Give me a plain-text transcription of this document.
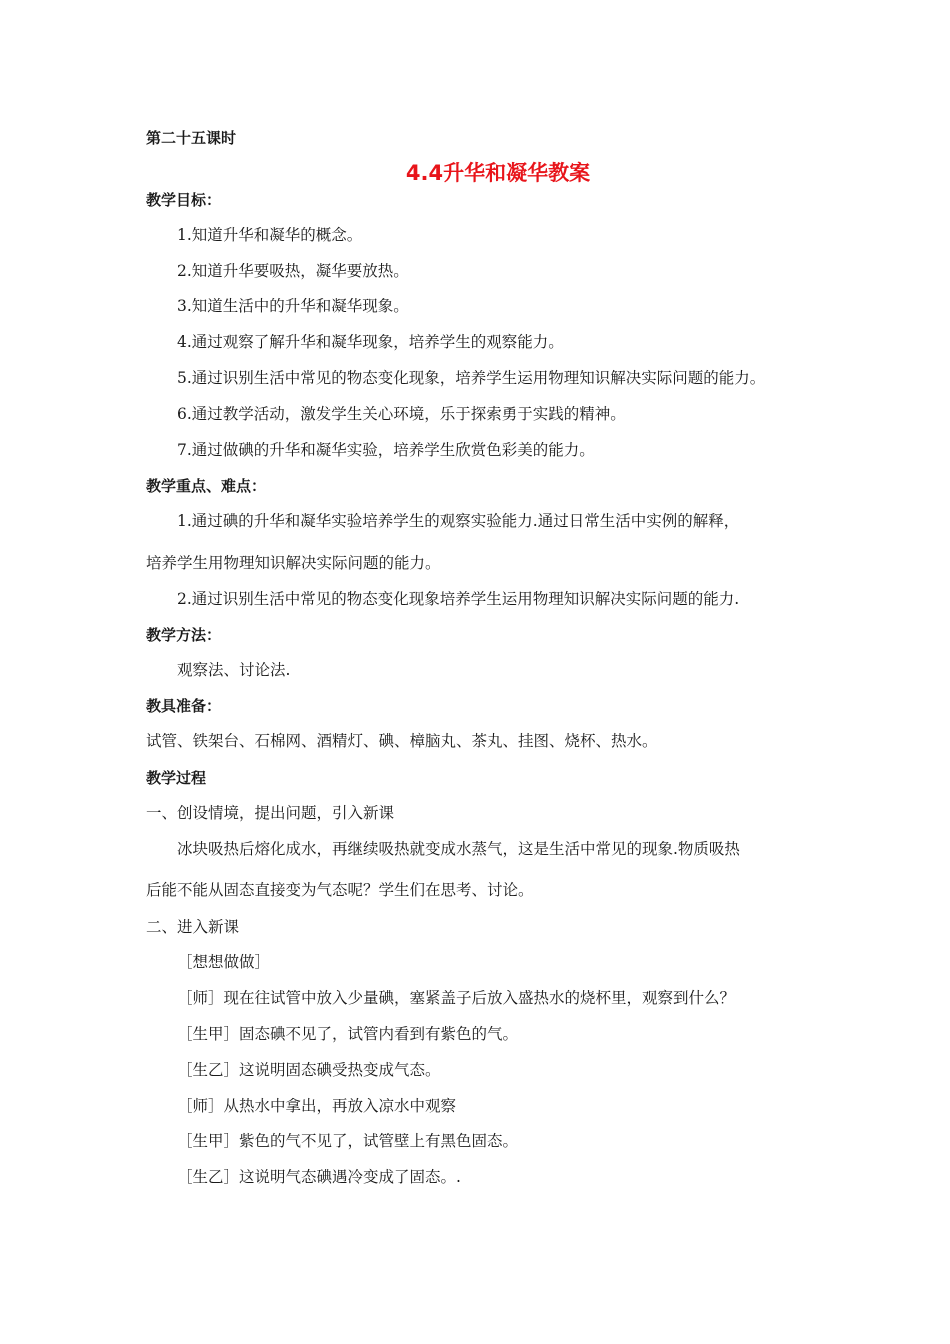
第二十五课时
4.4升华和凝华教案
教学目标：
1.知道升华和凝华的概念。
2.知道升华要吸热，凝华要放热。
3.知道生活中的升华和凝华现象。
4.通过观察了解升华和凝华现象，培养学生的观察能力。
5.通过识别生活中常见的物态变化现象，培养学生运用物理知识解决实际问题的能力。
6.通过教学活动，激发学生关心环境，乐于探索勇于实践的精神。
7.通过做碘的升华和凝华实验，培养学生欣赏色彩美的能力。
教学重点、难点：
1.通过碘的升华和凝华实验培养学生的观察实验能力.通过日常生活中实例的解释，
培养学生用物理知识解决实际问题的能力。
2.通过识别生活中常见的物态变化现象培养学生运用物理知识解决实际问题的能力.
教学方法：
观察法、讨论法.
教具准备：
试管、铁架台、石棉网、酒精灯、碘、樟脑丸、茶丸、挂图、烧杯、热水。
教学过程
一、创设情境，提出问题，引入新课
冰块吸热后熔化成水，再继续吸热就变成水蒸气，这是生活中常见的现象.物质吸热
后能不能从固态直接变为气态呢？学生们在思考、讨论。
二、进入新课
［想想做做］
［师］现在往试管中放入少量碘，塞紧盖子后放入盛热水的烧杯里，观察到什么？
［生甲］固态碘不见了，试管内看到有紫色的气。
［生乙］这说明固态碘受热变成气态。
［师］从热水中拿出，再放入凉水中观察
［生甲］紫色的气不见了，试管壁上有黑色固态。
［生乙］这说明气态碘遇冷变成了固态。.
